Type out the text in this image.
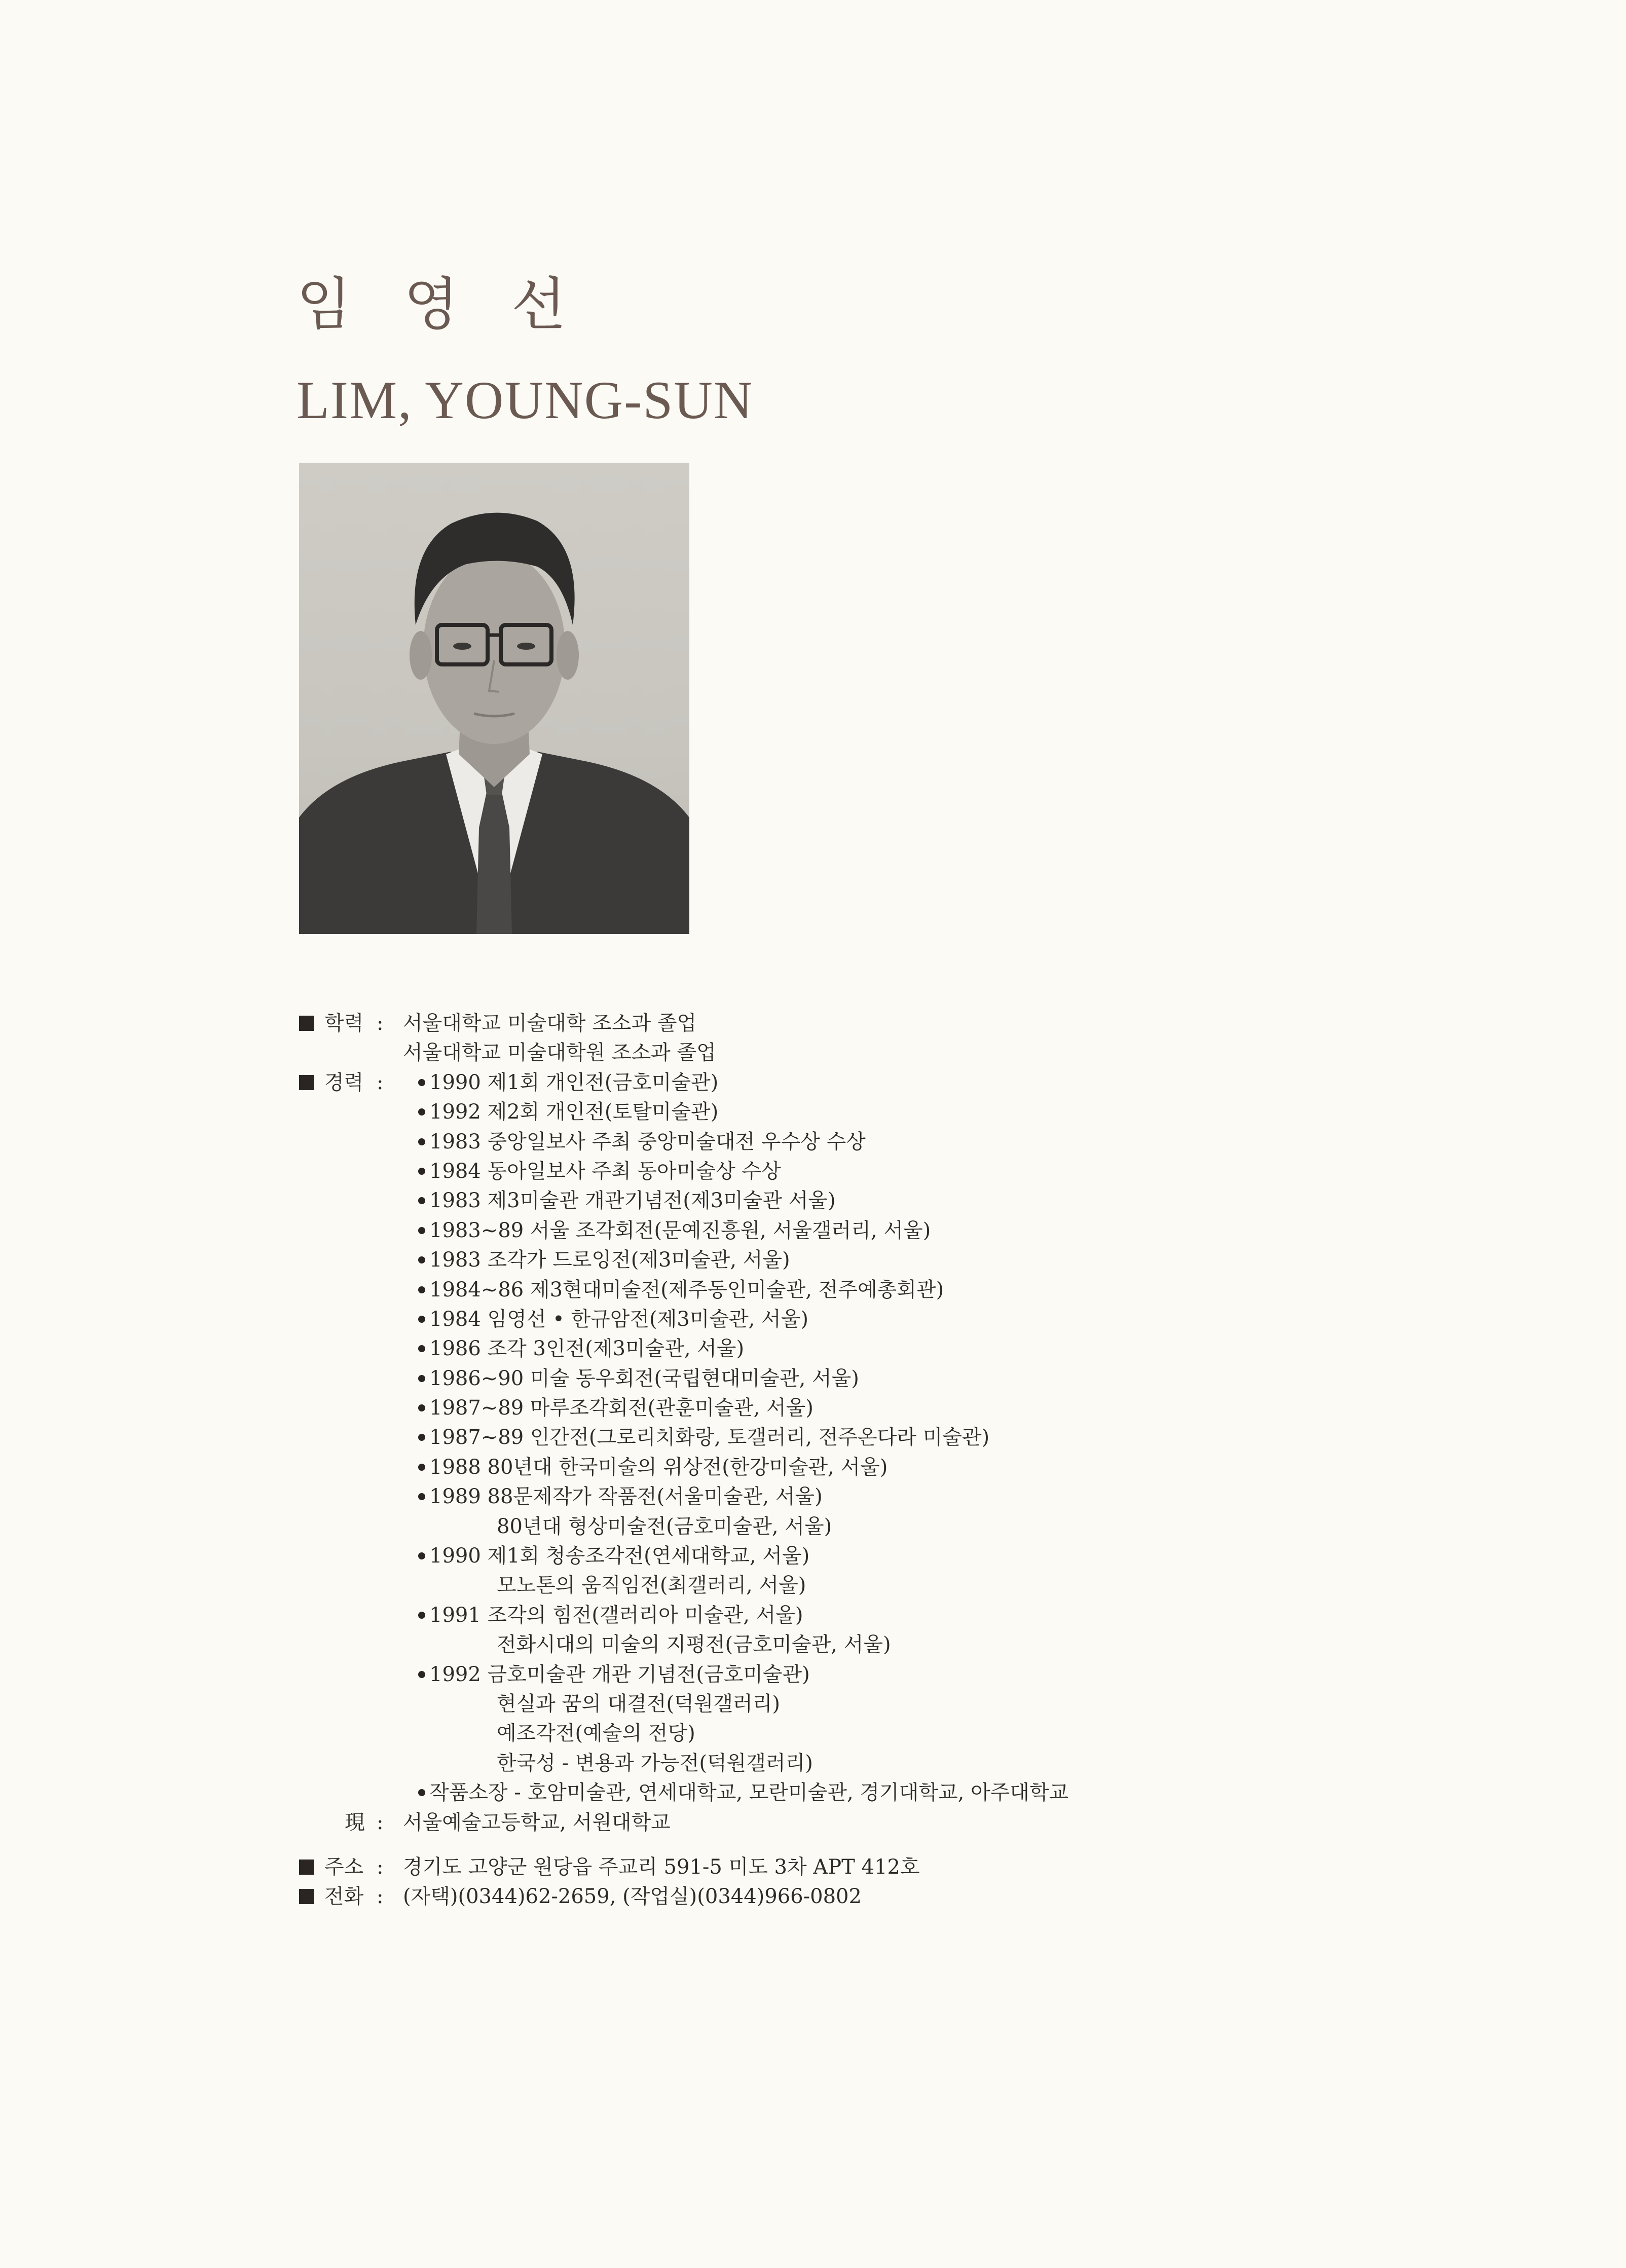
임 영 선
LIM, YOUNG-SUN
학력 : 서울대학교 미술대학 조소과 졸업
서울대학교 미술대학원 조소과 졸업
경력 :	1990 제1회 개인전(금호미술관)
1992 제2회 개인전(토탈미술관)
1983 중앙일보사 주최 중앙미술대전 우수상 수상
1984 동아일보사 주최 동아미술상 수상
1983 제3미술관 개관기념전(제3미술관 서울)
1983~89 서울 조각회전(문예진흥원, 서울갤러리, 서울)
1983 조각가 드로잉전(제3미술관, 서울)
1984~86 제3현대미술전(제주동인미술관, 전주예총회관)
1984 임영선 • 한규암전(제3미술관, 서울)
1986 조각 3인전(제3미술관, 서울)
1986~90 미술 동우회전(국립현대미술관, 서울)
1987~89 마루조각회전(관훈미술관, 서울)
1987~89 인간전(그로리치화랑, 토갤러리, 전주온다라 미술관)
1988 80년대 한국미술의 위상전(한강미술관, 서울)
1989 88문제작가 작품전(서울미술관, 서울)
80년대 형상미술전(금호미술관, 서울)
1990 제1회 청송조각전(연세대학교, 서울)
모노톤의 움직임전(최갤러리, 서울)
1991 조각의 힘전(갤러리아 미술관, 서울)
전화시대의 미술의 지평전(금호미술관, 서울)
1992 금호미술관 개관 기념전(금호미술관)
현실과 꿈의 대결전(덕원갤러리)
예조각전(예술의 전당)
한국성 - 변용과 가능전(덕원갤러리)
작품소장 - 호암미술관, 연세대학교, 모란미술관, 경기대학교, 아주대학교
現 : 서울예술고등학교, 서원대학교
주소 : 경기도 고양군 원당읍 주교리 591-5 미도 3차 APT 412호
전화 : (자택)(0344)62-2659, (작업실)(0344)966-0802
